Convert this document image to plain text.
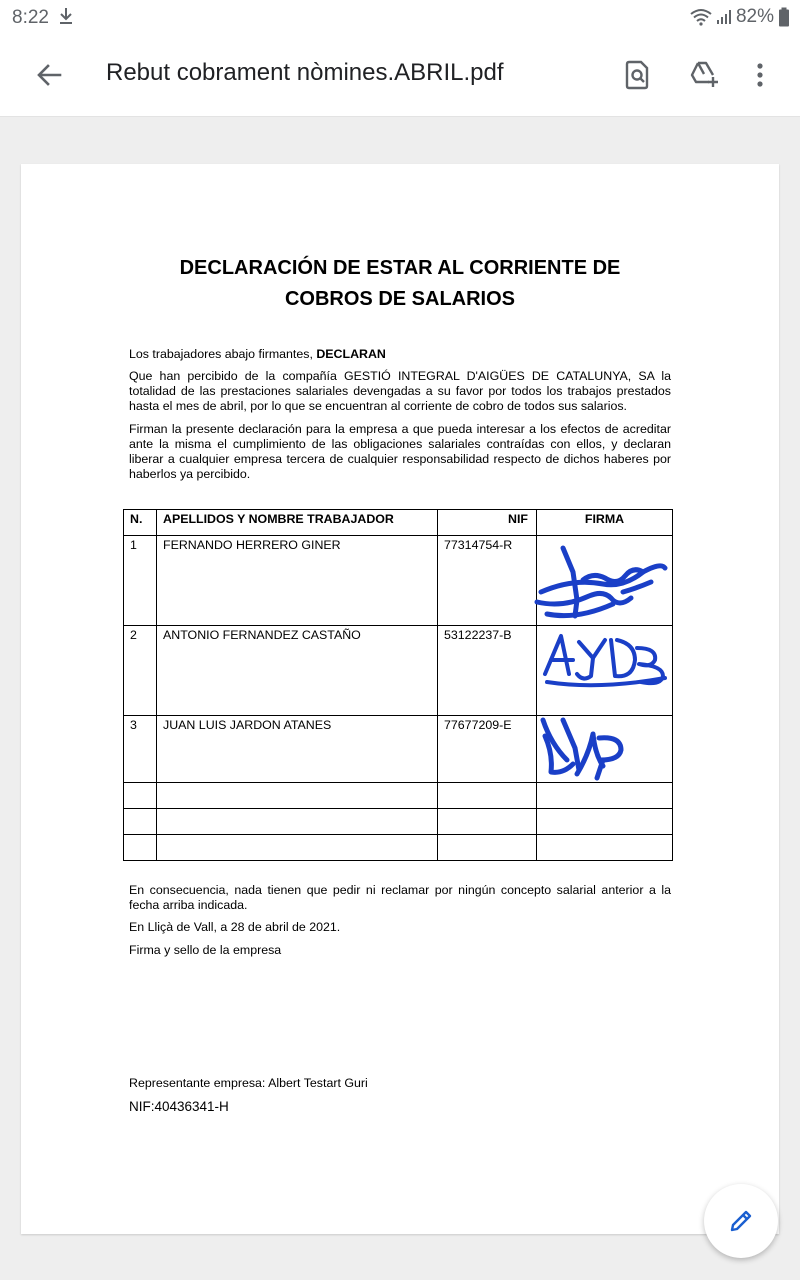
8:22	82%
Rebut cobrament nòmines.ABRIL.pdf
DECLARACIÓN DE ESTAR AL CORRIENTE DE
COBROS DE SALARIOS
Los trabajadores abajo firmantes, DECLARAN
Que han percibido de la compañía GESTIÓ INTEGRAL D'AIGÜES DE CATALUNYA, SA la totalidad de las prestaciones salariales devengadas a su favor por todos los trabajos prestados hasta el mes de abril, por lo que se encuentran al corriente de cobro de todos sus salarios.
Firman la presente declaración para la empresa a que pueda interesar a los efectos de acreditar ante la misma el cumplimiento de las obligaciones salariales contraídas con ellos, y declaran liberar a cualquier empresa tercera de cualquier responsabilidad respecto de dichos haberes por haberlos ya percibido.
N.	APELLIDOS Y NOMBRE TRABAJADOR	NIF	FIRMA
1	FERNANDO HERRERO GINER	77314754-R	
2	ANTONIO FERNANDEZ CASTAÑO	53122237-B	
3	JUAN LUIS JARDON ATANES	77677209-E	

En consecuencia, nada tienen que pedir ni reclamar por ningún concepto salarial anterior a la fecha arriba indicada.
En Lliçà de Vall, a 28 de abril de 2021.
Firma y sello de la empresa
Representante empresa: Albert Testart Guri
NIF:40436341-H
